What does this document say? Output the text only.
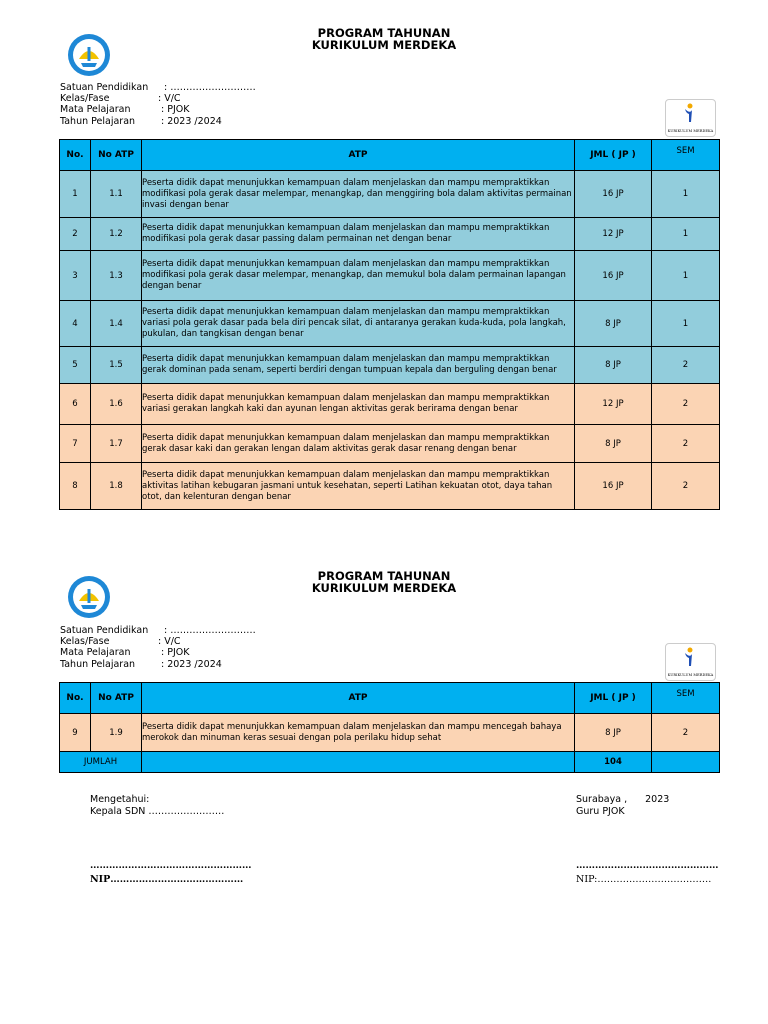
PROGRAM TAHUNAN
KURIKULUM MERDEKA
Satuan Pendidikan : ………………………
Kelas/Fase	: V/C
Mata Pelajaran	: PJOK
Tahun Pelajaran	: 2023 /2024
KURIKULUM MERDEKA
No.	No ATP	ATP	JML ( JP )	SEM
1	1.1	Peserta didik dapat menunjukkan kemampuan dalam menjelaskan dan mampu mempraktikkan modifikasi pola gerak dasar melempar, menangkap, dan menggiring bola dalam aktivitas permainan invasi dengan benar	16 JP	1
2	1.2	Peserta didik dapat menunjukkan kemampuan dalam menjelaskan dan mampu mempraktikkan modifikasi pola gerak dasar passing dalam permainan net dengan benar	12 JP	1
3	1.3	Peserta didik dapat menunjukkan kemampuan dalam menjelaskan dan mampu mempraktikkan modifikasi pola gerak dasar melempar, menangkap, dan memukul bola dalam permainan lapangan dengan benar	16 JP	1
4	1.4	Peserta didik dapat menunjukkan kemampuan dalam menjelaskan dan mampu mempraktikkan variasi pola gerak dasar pada bela diri pencak silat, di antaranya gerakan kuda-kuda, pola langkah, pukulan, dan tangkisan dengan benar	8 JP	1
5	1.5	Peserta didik dapat menunjukkan kemampuan dalam menjelaskan dan mampu mempraktikkan gerak dominan pada senam, seperti berdiri dengan tumpuan kepala dan berguling dengan benar	8 JP	2
6	1.6	Peserta didik dapat menunjukkan kemampuan dalam menjelaskan dan mampu mempraktikkan variasi gerakan langkah kaki dan ayunan lengan aktivitas gerak berirama dengan benar	12 JP	2
7	1.7	Peserta didik dapat menunjukkan kemampuan dalam menjelaskan dan mampu mempraktikkan gerak dasar kaki dan gerakan lengan dalam aktivitas gerak dasar renang dengan benar	8 JP	2
8	1.8	Peserta didik dapat menunjukkan kemampuan dalam menjelaskan dan mampu mempraktikkan aktivitas latihan kebugaran jasmani untuk kesehatan, seperti Latihan kekuatan otot, daya tahan otot, dan kelenturan dengan benar	16 JP	2
PROGRAM TAHUNAN
KURIKULUM MERDEKA
Satuan Pendidikan : ………………………
Kelas/Fase	: V/C
Mata Pelajaran	: PJOK
Tahun Pelajaran	: 2023 /2024
KURIKULUM MERDEKA
No.	No ATP	ATP	JML ( JP )	SEM
9	1.9	Peserta didik dapat menunjukkan kemampuan dalam menjelaskan dan mampu mencegah bahaya merokok dan minuman keras sesuai dengan pola perilaku hidup sehat	8 JP	2
JUMLAH			104	
Mengetahui:
Kepala SDN ……………………
Surabaya , 2023
Guru PJOK
……………………………………………
NIP……………………………………
………………………………………
NIP:………………………………
